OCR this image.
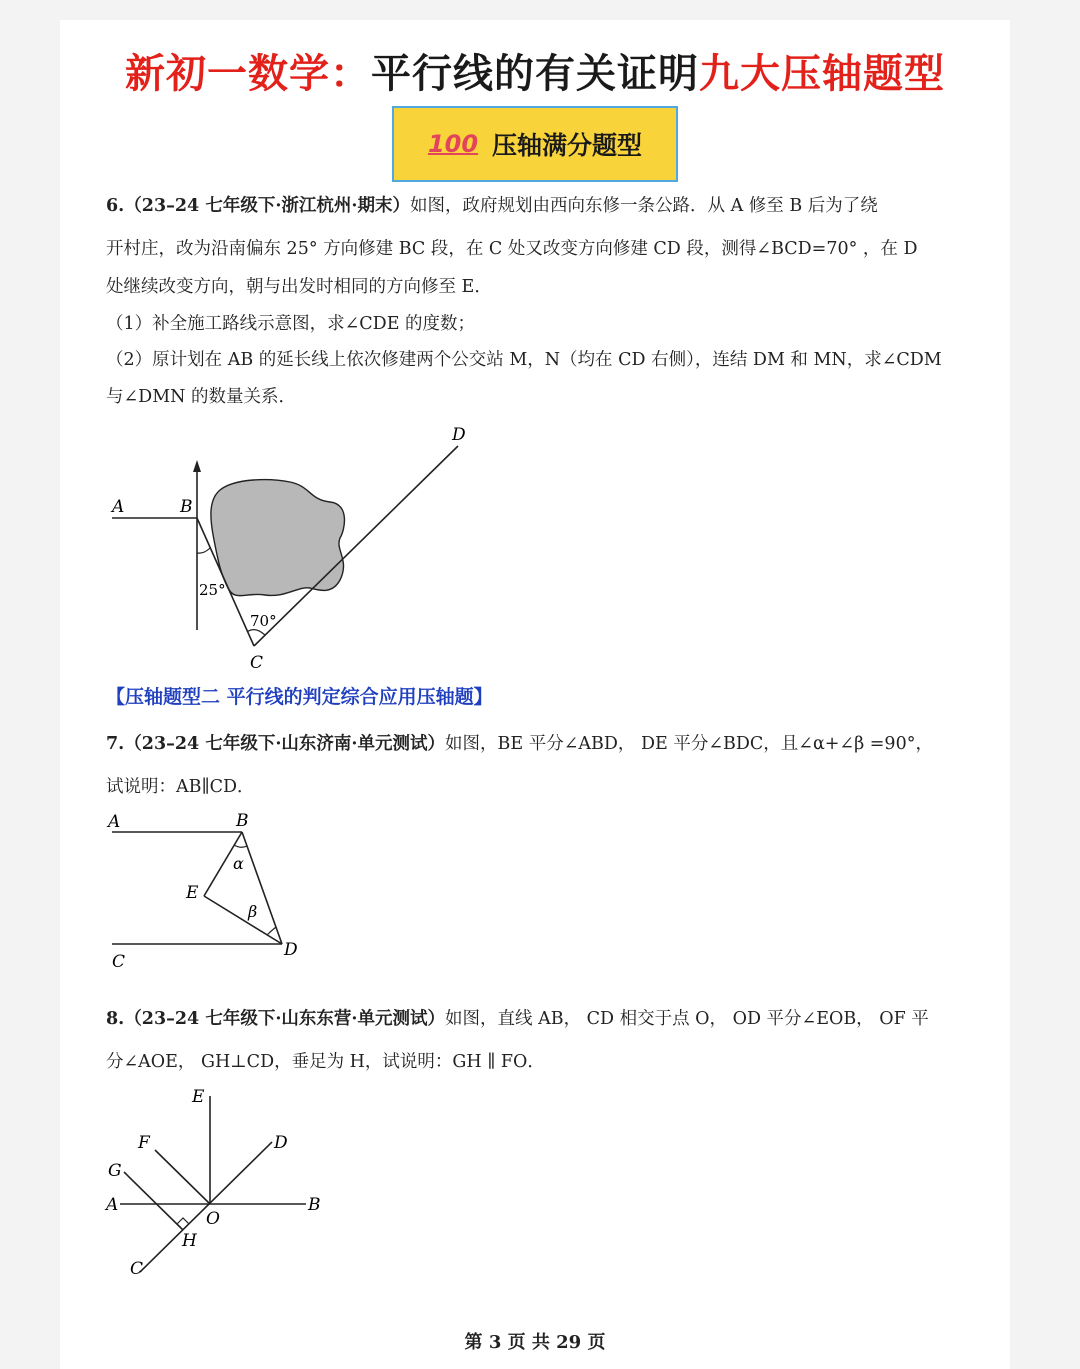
新初一数学：平行线的有关证明九大压轴题型
100 压轴满分题型
6.（23–24 七年级下·浙江杭州·期末）如图，政府规划由西向东修一条公路．从 A 修至 B 后为了绕
开村庄，改为沿南偏东 25° 方向修建 BC 段，在 C 处又改变方向修建 CD 段，测得∠BCD=70° ，在 D
处继续改变方向，朝与出发时相同的方向修至 E．
（1）补全施工路线示意图，求∠CDE 的度数；
（2）原计划在 AB 的延长线上依次修建两个公交站 M，N（均在 CD 右侧），连结 DM 和 MN，求∠CDM
与∠DMN 的数量关系．
A	B
C
D
25°
70°
【压轴题型二 平行线的判定综合应用压轴题】
7.（23–24 七年级下·山东济南·单元测试）如图，BE 平分∠ABD， DE 平分∠BDC，且∠α+∠β =90°，
试说明：AB∥CD．
A	B
E
C
D
α
β
8.（23–24 七年级下·山东东营·单元测试）如图，直线 AB， CD 相交于点 O， OD 平分∠EOB， OF 平
分∠AOE， GH⊥CD，垂足为 H，试说明：GH ∥ FO．
E
F	D
G
A	B
O
H
C
第 3 页 共 29 页
